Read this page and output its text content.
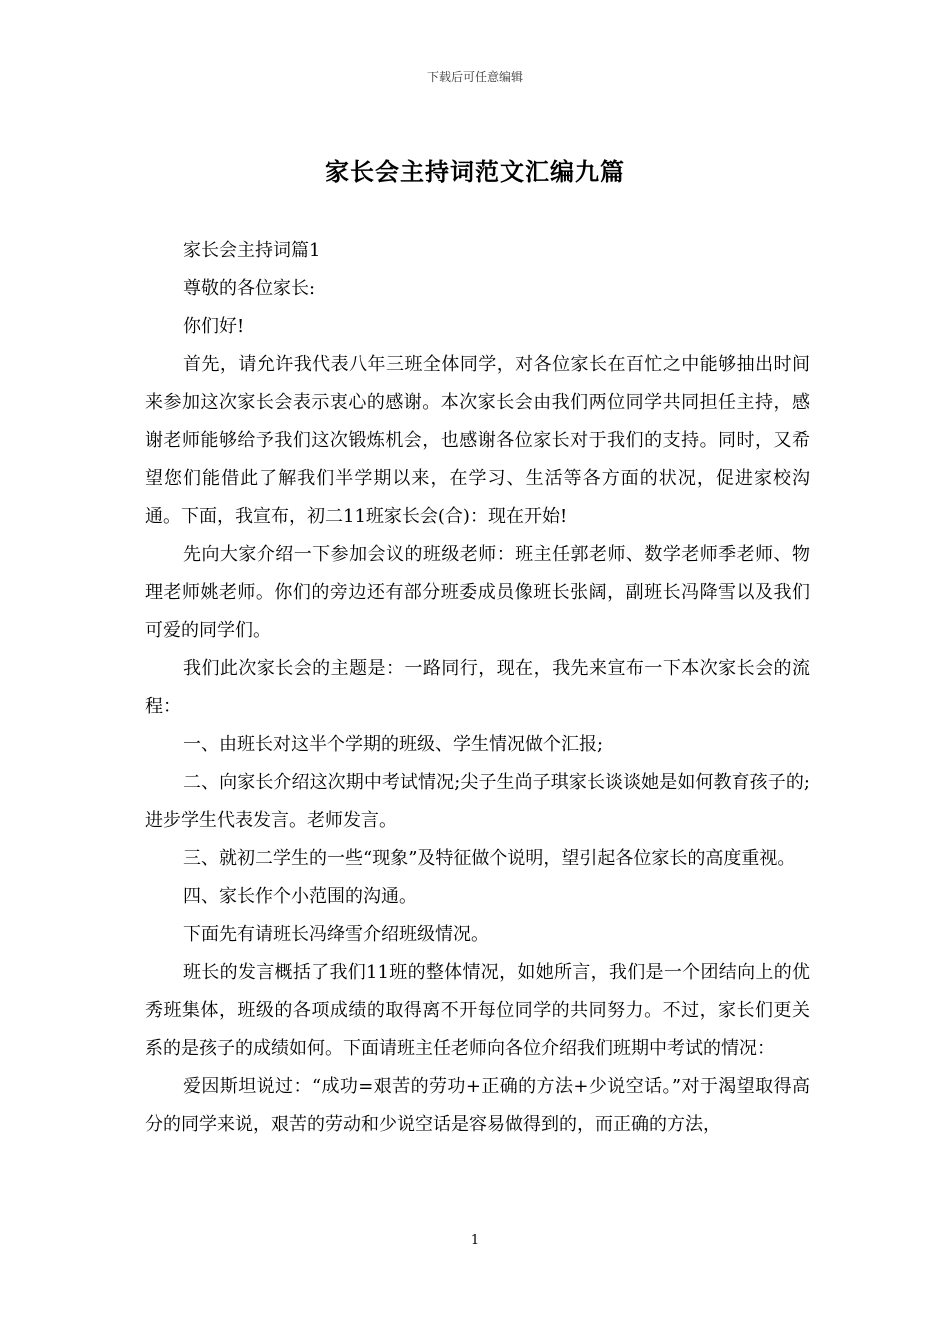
下载后可任意编辑
家长会主持词范文汇编九篇

家长会主持词篇1

尊敬的各位家长:

你们好!

首先，请允许我代表八年三班全体同学，对各位家长在百忙之中能够抽出时间来参加这次家长会表示衷心的感谢。本次家长会由我们两位同学共同担任主持，感谢老师能够给予我们这次锻炼机会，也感谢各位家长对于我们的支持。同时，又希望您们能借此了解我们半学期以来，在学习、生活等各方面的状况，促进家校沟通。下面，我宣布，初二11班家长会(合)：现在开始!

先向大家介绍一下参加会议的班级老师：班主任郭老师、数学老师季老师、物理老师姚老师。你们的旁边还有部分班委成员像班长张阔，副班长冯降雪以及我们可爱的同学们。

我们此次家长会的主题是：一路同行，现在，我先来宣布一下本次家长会的流程：

一、由班长对这半个学期的班级、学生情况做个汇报;

二、向家长介绍这次期中考试情况;尖子生尚子琪家长谈谈她是如何教育孩子的;进步学生代表发言。老师发言。

三、就初二学生的一些“现象”及特征做个说明，望引起各位家长的高度重视。

四、家长作个小范围的沟通。

下面先有请班长冯绛雪介绍班级情况。

班长的发言概括了我们11班的整体情况，如她所言，我们是一个团结向上的优秀班集体，班级的各项成绩的取得离不开每位同学的共同努力。不过，家长们更关系的是孩子的成绩如何。下面请班主任老师向各位介绍我们班期中考试的情况：

爱因斯坦说过：“成功=艰苦的劳功+正确的方法+少说空话。”对于渴望取得高分的同学来说，艰苦的劳动和少说空话是容易做得到的，而正确的方法，

1
